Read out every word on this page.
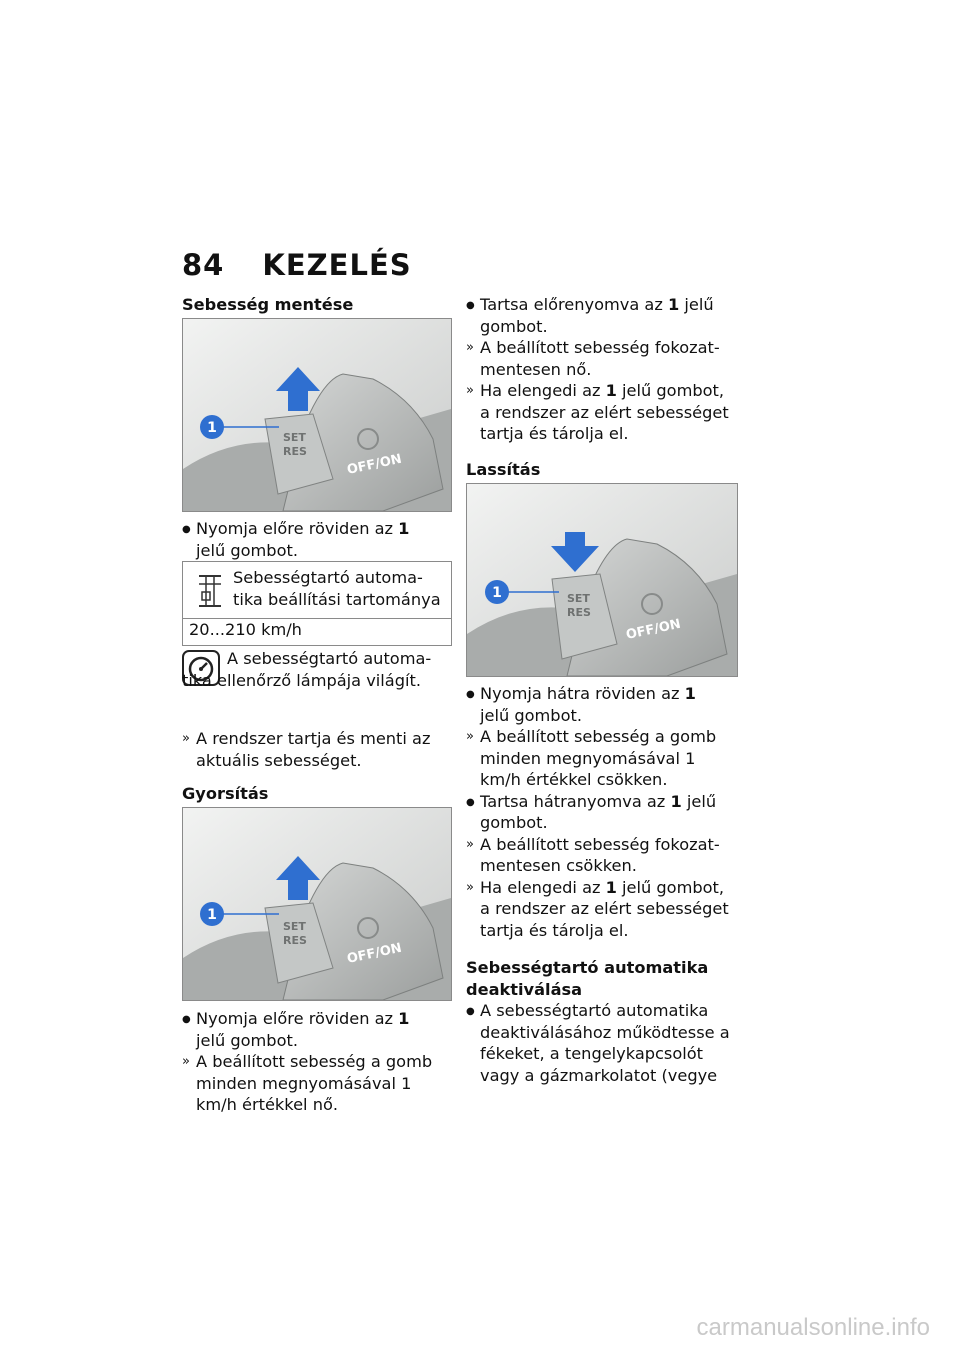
84 KEZELÉS

Sebesség mentése

SET
RES
OFF/ON
1
● Nyomja előre röviden az 1
jelű gombot.
Sebességtartó automa-tika beállítási tartománya
20...210 km/h
A sebességtartó automa-tika ellenőrző lámpája világít.
» A rendszer tartja és menti az aktuális sebességet.

Gyorsítás

SET
RES
OFF/ON
1
● Nyomja előre röviden az 1
jelű gombot.
» A beállított sebesség a gomb minden megnyomásával 1 km/h értékkel nő.
● Tartsa előrenyomva az 1 jelű gombot.
» A beállított sebesség fokozat-mentesen nő.
» Ha elengedi az 1 jelű gombot, a rendszer az elért sebességet tartja és tárolja el.

Lassítás

SET
RES
OFF/ON
1
● Nyomja hátra röviden az 1
jelű gombot.
» A beállított sebesség a gomb minden megnyomásával 1 km/h értékkel csökken.
● Tartsa hátranyomva az 1 jelű gombot.
» A beállított sebesség fokozat-mentesen csökken.
» Ha elengedi az 1 jelű gombot, a rendszer az elért sebességet tartja és tárolja el.

Sebességtartó automatika deaktiválása

● A sebességtartó automatika deaktiválásához működtesse a fékeket, a tengelykapcsolót vagy a gázmarkolatot (vegye
carmanualsonline.info
